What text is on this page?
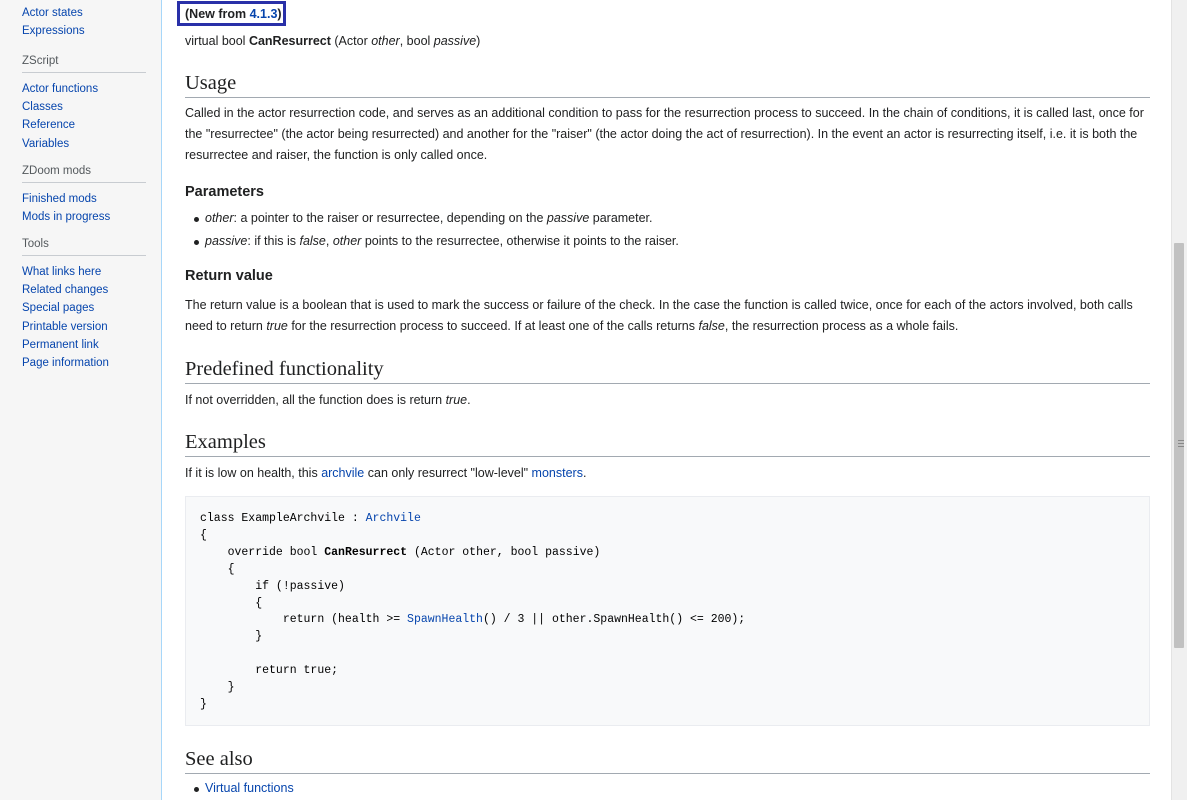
Actor states
Expressions
ZScript
Actor functions
Classes
Reference
Variables
ZDoom mods
Finished mods
Mods in progress
Tools
What links here
Related changes
Special pages
Printable version
Permanent link
Page information
(New from 4.1.3)
virtual bool CanResurrect (Actor other, bool passive)
Usage

Called in the actor resurrection code, and serves as an additional condition to pass for the resurrection process to succeed. In the chain of conditions, it is called last, once for the "resurrectee" (the actor being resurrected) and another for the "raiser" (the actor doing the act of resurrection). In the event an actor is resurrecting itself, i.e. it is both the resurrectee and raiser, the function is only called once.

Parameters
other: a pointer to the raiser or resurrectee, depending on the passive parameter.
passive: if this is false, other points to the resurrectee, otherwise it points to the raiser.
Return value

The return value is a boolean that is used to mark the success or failure of the check. In the case the function is called twice, once for each of the actors involved, both calls need to return true for the resurrection process to succeed. If at least one of the calls returns false, the resurrection process as a whole fails.

Predefined functionality

If not overridden, all the function does is return true.

Examples

If it is low on health, this archvile can only resurrect "low-level" monsters.

class ExampleArchvile : Archvile
{
override bool CanResurrect (Actor other, bool passive)
{
if (!passive)
{
return (health >= SpawnHealth() / 3 || other.SpawnHealth() <= 200);
}

return true;
}
}
See also
Virtual functions
